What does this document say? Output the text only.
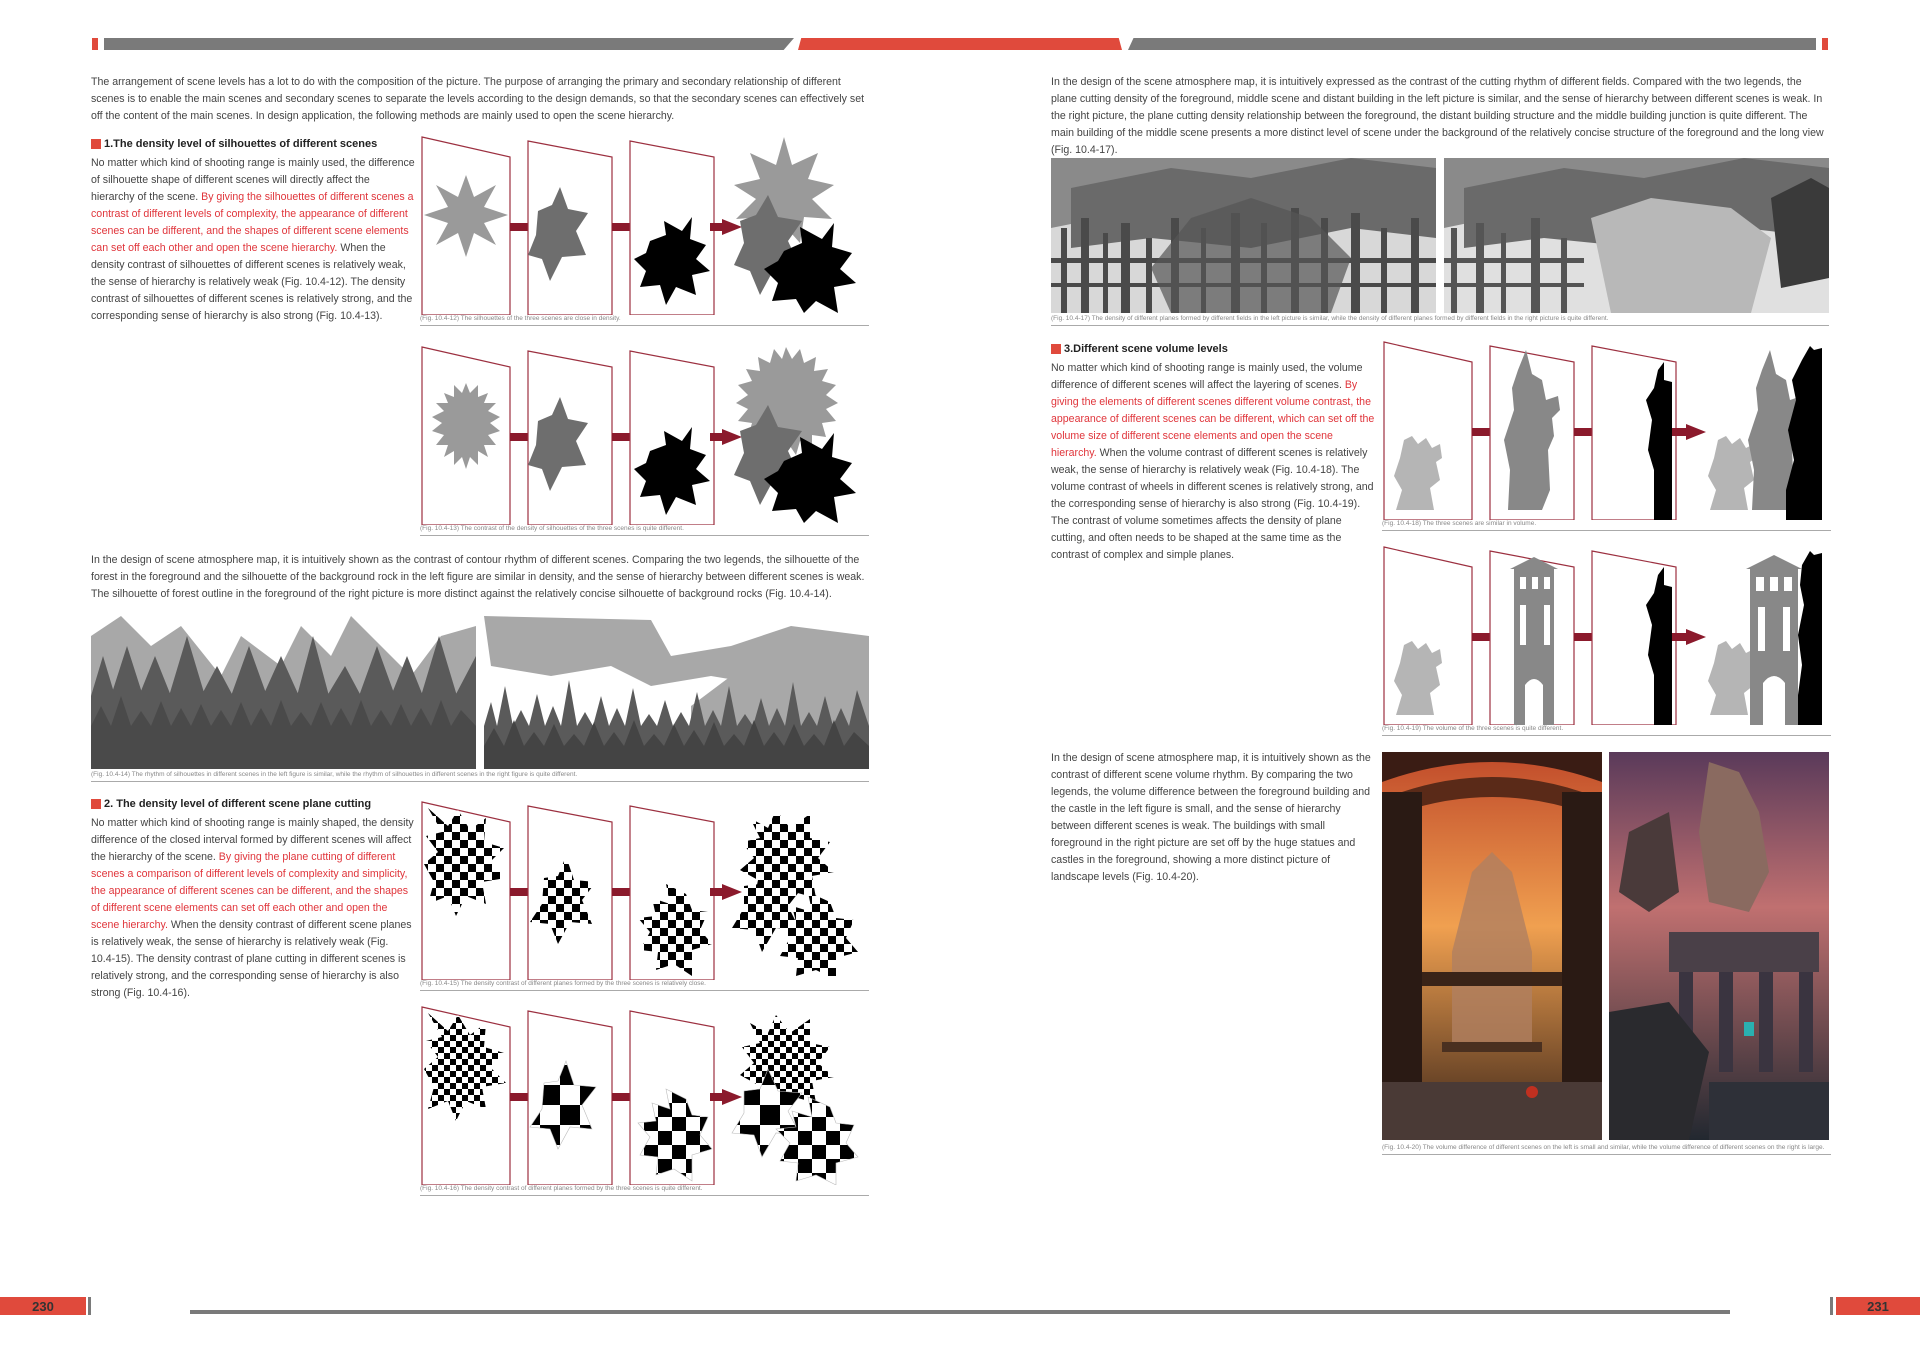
The arrangement of scene levels has a lot to do with the composition of the picture. The purpose of arranging the primary and secondary relationship of different scenes is to enable the main scenes and secondary scenes to separate the levels according to the design demands, so that the secondary scenes can effectively set off the content of the main scenes. In design application, the following methods are mainly used to open the scene hierarchy.
1.The density level of silhouettes of different scenes
No matter which kind of shooting range is mainly used, the difference of silhouette shape of different scenes will directly affect the hierarchy of the scene. By giving the silhouettes of different scenes a contrast of different levels of complexity, the appearance of different scenes can be different, and the shapes of different scene elements can set off each other and open the scene hierarchy. When the density contrast of silhouettes of different scenes is relatively weak, the sense of hierarchy is relatively weak (Fig. 10.4-12). The density contrast of silhouettes of different scenes is relatively strong, and the corresponding sense of hierarchy is also strong (Fig. 10.4-13).	(Fig. 10.4-12) The silhouettes of the three scenes are close in density.
(Fig. 10.4-13) The contrast of the density of silhouettes of the three scenes is quite different.
In the design of scene atmosphere map, it is intuitively shown as the contrast of contour rhythm of different scenes. Comparing the two legends, the silhouette of the forest in the foreground and the silhouette of the background rock in the left figure are similar in density, and the sense of hierarchy between different scenes is weak. The silhouette of forest outline in the foreground of the right picture is more distinct against the relatively concise silhouette of background rocks (Fig. 10.4-14).
(Fig. 10.4-14) The rhythm of silhouettes in different scenes in the left figure is similar, while the rhythm of silhouettes in different scenes in the right figure is quite different.
2. The density level of different scene plane cutting
No matter which kind of shooting range is mainly shaped, the density difference of the closed interval formed by different scenes will affect the hierarchy of the scene. By giving the plane cutting of different scenes a comparison of different levels of complexity and simplicity, the appearance of different scenes can be different, and the shapes of different scene elements can set off each other and open the scene hierarchy. When the density contrast of different scene planes is relatively weak, the sense of hierarchy is relatively weak (Fig. 10.4-15). The density contrast of plane cutting in different scenes is relatively strong, and the corresponding sense of hierarchy is also strong (Fig. 10.4-16).
(Fig. 10.4-15) The density contrast of different planes formed by the three scenes is relatively close.
(Fig. 10.4-16) The density contrast of different planes formed by the three scenes is quite different.
230
In the design of the scene atmosphere map, it is intuitively expressed as the contrast of the cutting rhythm of different fields. Compared with the two legends, the plane cutting density of the foreground, middle scene and distant building in the left picture is similar, and the sense of hierarchy between different scenes is weak. In the right picture, the plane cutting density relationship between the foreground, the distant building structure and the middle building junction is quite different. The main building of the middle scene presents a more distinct level of scene under the background of the relatively concise structure of the foreground and the long view (Fig. 10.4-17).
(Fig. 10.4-17) The density of different planes formed by different fields in the left picture is similar, while the density of different planes formed by different fields in the right picture is quite different.
3.Different scene volume levels
No matter which kind of shooting range is mainly used, the volume difference of different scenes will affect the layering of scenes. By giving the elements of different scenes different volume contrast, the appearance of different scenes can be different, which can set off the volume size of different scene elements and open the scene hierarchy. When the volume contrast of different scenes is relatively weak, the sense of hierarchy is relatively weak (Fig. 10.4-18). The volume contrast of wheels in different scenes is relatively strong, and the corresponding sense of hierarchy is also strong (Fig. 10.4-19). The contrast of volume sometimes affects the density of plane cutting, and often needs to be shaped at the same time as the contrast of complex and simple planes.
(Fig. 10.4-18) The three scenes are similar in volume.
(Fig. 10.4-19) The volume of the three scenes is quite different.
In the design of scene atmosphere map, it is intuitively shown as the contrast of different scene volume rhythm. By comparing the two legends, the volume difference between the foreground building and the castle in the left figure is small, and the sense of hierarchy between different scenes is weak. The buildings with small foreground in the right picture are set off by the huge statues and castles in the foreground, showing a more distinct picture of landscape levels (Fig. 10.4-20).
(Fig. 10.4-20) The volume difference of different scenes on the left is small and similar, while the volume difference of different scenes on the right is large.
231
